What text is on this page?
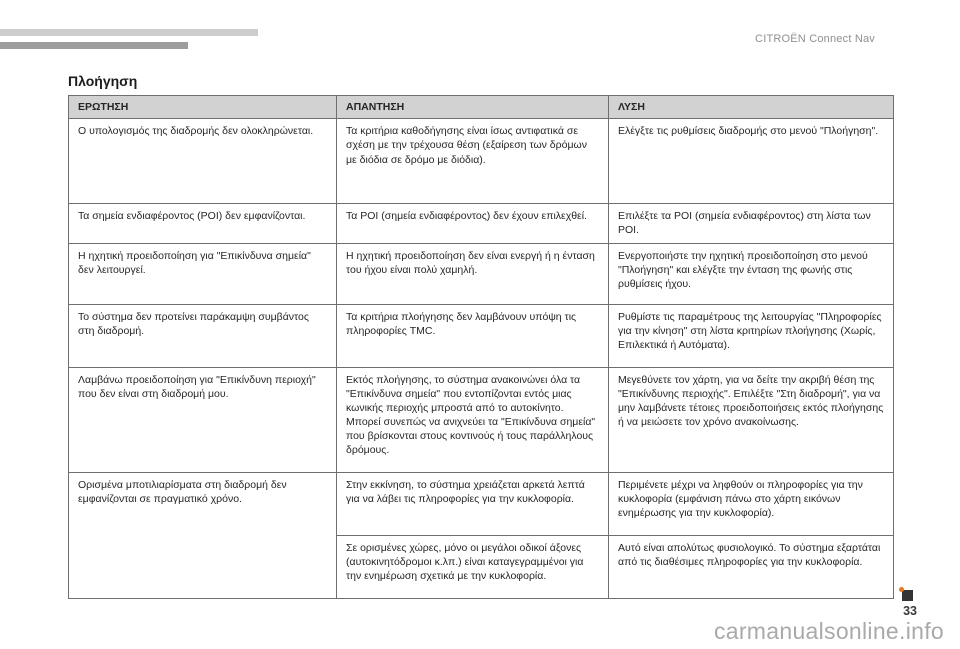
CITROËN Connect Nav
Πλοήγηση
ΕΡΩΤΗΣΗ	ΑΠΑΝΤΗΣΗ	ΛΥΣΗ
Ο υπολογισμός της διαδρομής δεν ολοκληρώνεται.	Τα κριτήρια καθοδήγησης είναι ίσως αντιφατικά σε σχέση με την τρέχουσα θέση (εξαίρεση των δρόμων με διόδια σε δρόμο με διόδια).	Ελέγξτε τις ρυθμίσεις διαδρομής στο μενού "Πλοήγηση".
Τα σημεία ενδιαφέροντος (POI) δεν εμφανίζονται.	Τα POI (σημεία ενδιαφέροντος) δεν έχουν επιλεχθεί.	Επιλέξτε τα POI (σημεία ενδιαφέροντος) στη λίστα των POI.
Η ηχητική προειδοποίηση για "Επικίνδυνα σημεία" δεν λειτουργεί.	Η ηχητική προειδοποίηση δεν είναι ενεργή ή η ένταση του ήχου είναι πολύ χαμηλή.	Ενεργοποιήστε την ηχητική προειδοποίηση στο μενού "Πλοήγηση" και ελέγξτε την ένταση της φωνής στις ρυθμίσεις ήχου.
Το σύστημα δεν προτείνει παράκαμψη συμβάντος στη διαδρομή.	Τα κριτήρια πλοήγησης δεν λαμβάνουν υπόψη τις πληροφορίες TMC.	Ρυθμίστε τις παραμέτρους της λειτουργίας "Πληροφορίες για την κίνηση" στη λίστα κριτηρίων πλοήγησης (Χωρίς, Επιλεκτικά ή Αυτόματα).
Λαμβάνω προειδοποίηση για "Επικίνδυνη περιοχή" που δεν είναι στη διαδρομή μου.	Εκτός πλοήγησης, το σύστημα ανακοινώνει όλα τα "Επικίνδυνα σημεία" που εντοπίζονται εντός μιας κωνικής περιοχής μπροστά από το αυτοκίνητο. Μπορεί συνεπώς να ανιχνεύει τα "Επικίνδυνα σημεία" που βρίσκονται στους κοντινούς ή τους παράλληλους δρόμους.	Μεγεθύνετε τον χάρτη, για να δείτε την ακριβή θέση της "Επικίνδυνης περιοχής". Επιλέξτε "Στη διαδρομή", για να μην λαμβάνετε τέτοιες προειδοποιήσεις εκτός πλοήγησης ή να μειώσετε τον χρόνο ανακοίνωσης.
Ορισμένα μποτιλιαρίσματα στη διαδρομή δεν εμφανίζονται σε πραγματικό χρόνο.	Στην εκκίνηση, το σύστημα χρειάζεται αρκετά λεπτά για να λάβει τις πληροφορίες για την κυκλοφορία.	Περιμένετε μέχρι να ληφθούν οι πληροφορίες για την κυκλοφορία (εμφάνιση πάνω στο χάρτη εικόνων ενημέρωσης για την κυκλοφορία).
	Σε ορισμένες χώρες, μόνο οι μεγάλοι οδικοί άξονες (αυτοκινητόδρομοι κ.λπ.) είναι καταγεγραμμένοι για την ενημέρωση σχετικά με την κυκλοφορία.	Αυτό είναι απολύτως φυσιολογικό. Το σύστημα εξαρτάται από τις διαθέσιμες πληροφορίες για την κυκλοφορία.
33
carmanualsonline.info
